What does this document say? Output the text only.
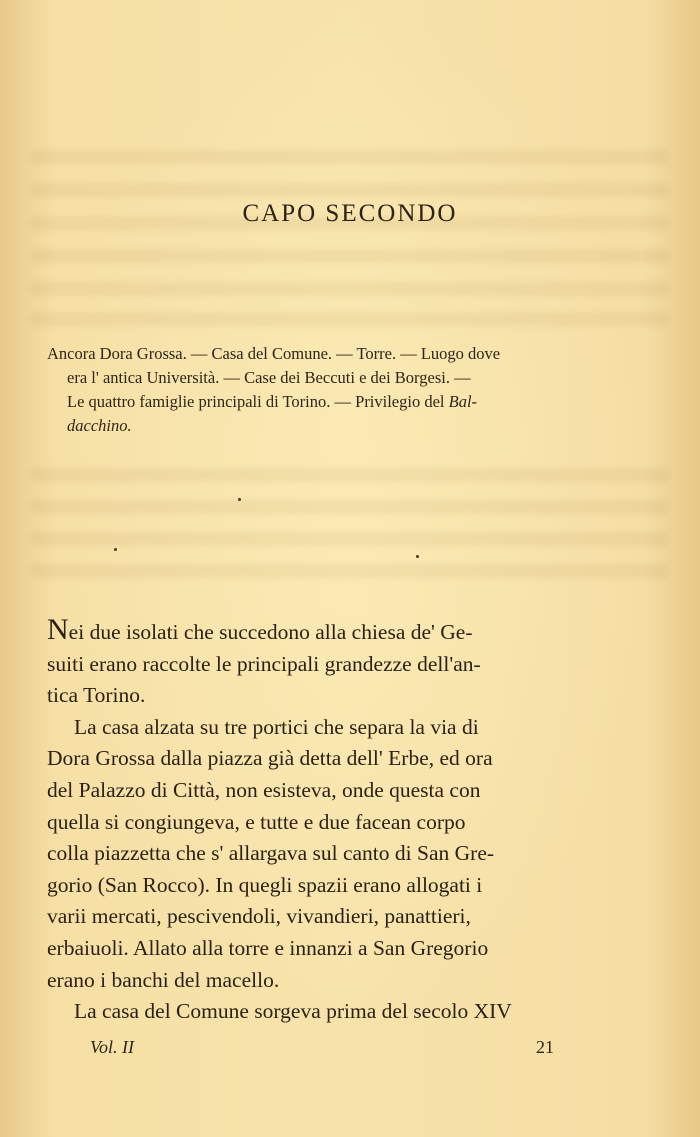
CAPO SECONDO
Ancora Dora Grossa. — Casa del Comune. — Torre. — Luogo dove
era l' antica Università. — Case dei Beccuti e dei Borgesi. —
Le quattro famiglie principali di Torino. — Privilegio del Bal-
dacchino.
Nei due isolati che succedono alla chiesa de' Ge-
suiti erano raccolte le principali grandezze dell'an-
tica Torino.
La casa alzata su tre portici che separa la via di
Dora Grossa dalla piazza già detta dell' Erbe, ed ora
del Palazzo di Città, non esisteva, onde questa con
quella si congiungeva, e tutte e due facean corpo
colla piazzetta che s' allargava sul canto di San Gre-
gorio (San Rocco). In quegli spazii erano allogati i
varii mercati, pescivendoli, vivandieri, panattieri,
erbaiuoli. Allato alla torre e innanzi a San Gregorio
erano i banchi del macello.
La casa del Comune sorgeva prima del secolo XIV
Vol. II	21
